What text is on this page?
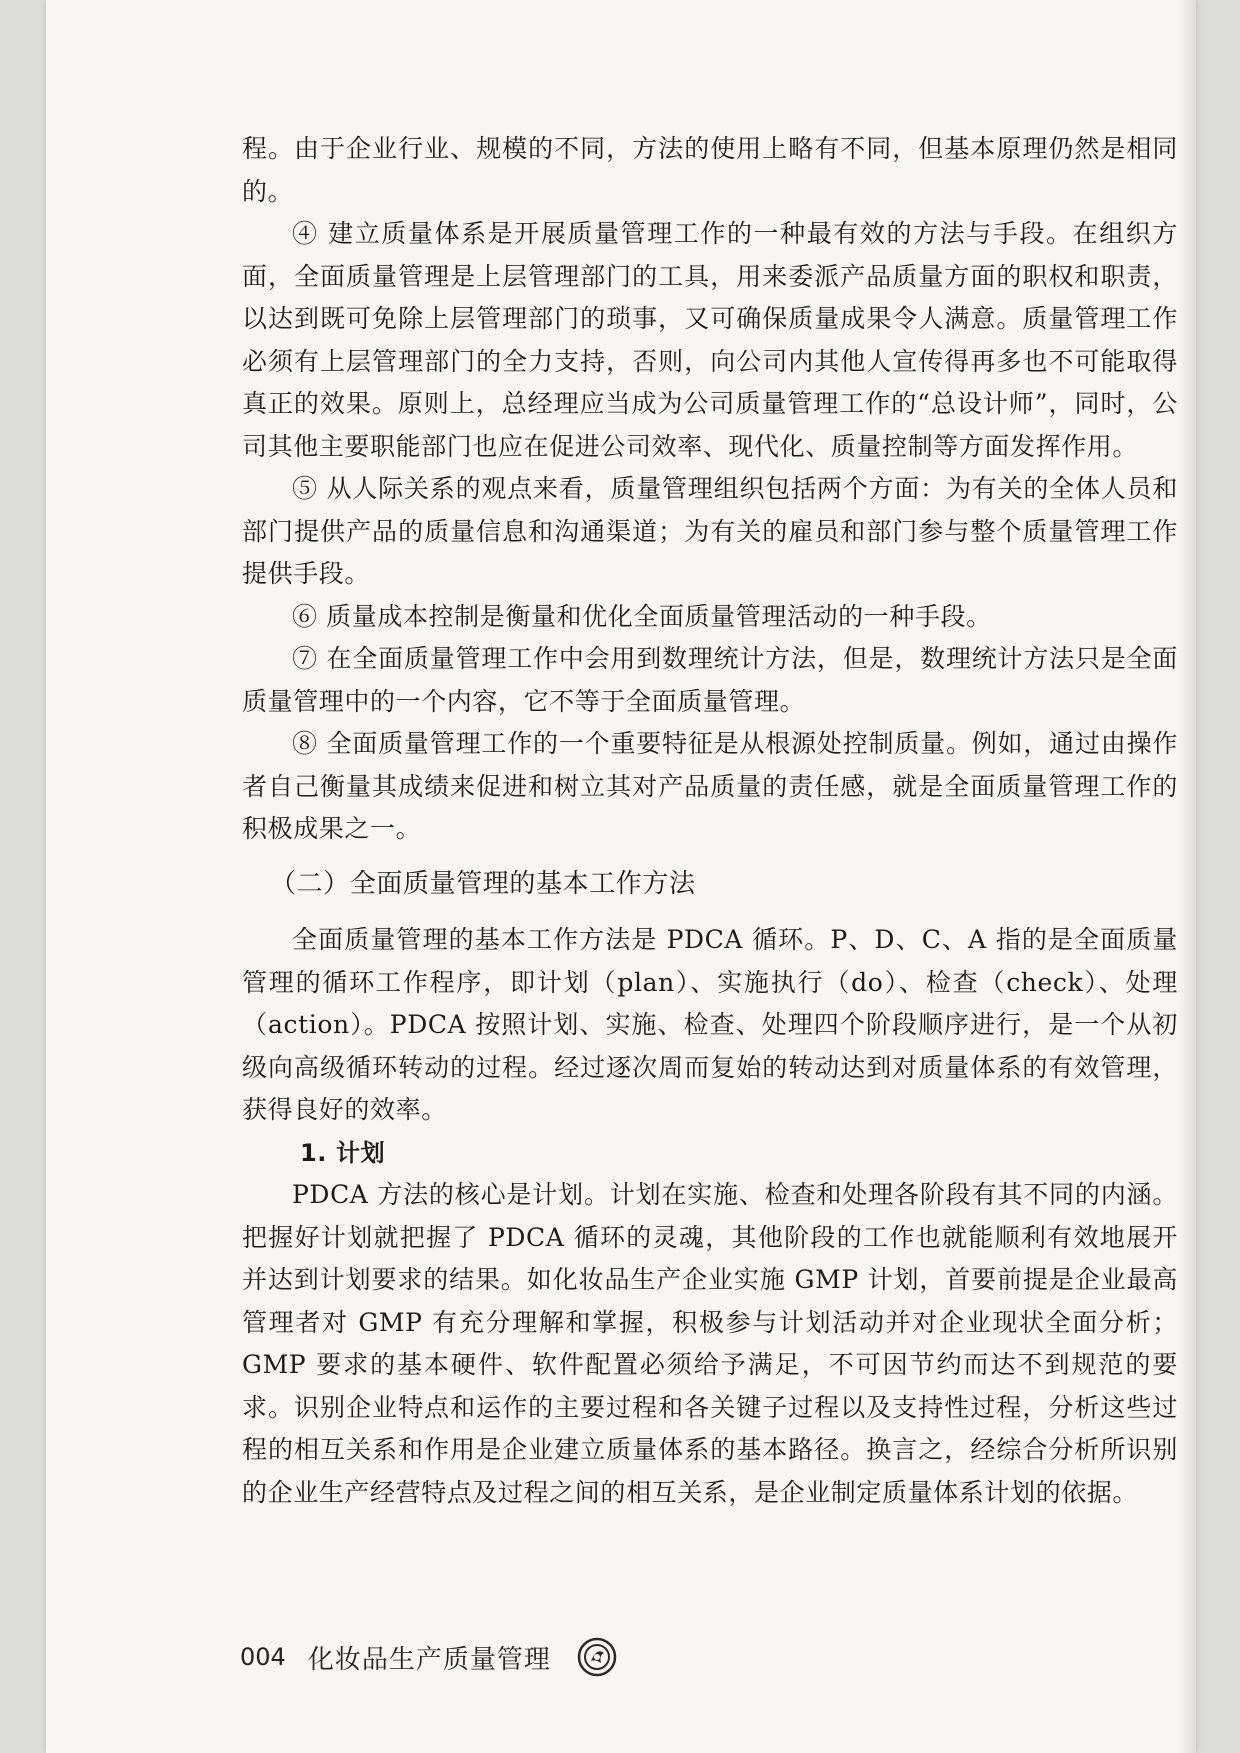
程。由于企业行业、规模的不同，方法的使用上略有不同，但基本原理仍然是相同的。

④ 建立质量体系是开展质量管理工作的一种最有效的方法与手段。在组织方面，全面质量管理是上层管理部门的工具，用来委派产品质量方面的职权和职责，以达到既可免除上层管理部门的琐事，又可确保质量成果令人满意。质量管理工作必须有上层管理部门的全力支持，否则，向公司内其他人宣传得再多也不可能取得真正的效果。原则上，总经理应当成为公司质量管理工作的“总设计师”，同时，公司其他主要职能部门也应在促进公司效率、现代化、质量控制等方面发挥作用。

⑤ 从人际关系的观点来看，质量管理组织包括两个方面：为有关的全体人员和部门提供产品的质量信息和沟通渠道；为有关的雇员和部门参与整个质量管理工作提供手段。

⑥ 质量成本控制是衡量和优化全面质量管理活动的一种手段。

⑦ 在全面质量管理工作中会用到数理统计方法，但是，数理统计方法只是全面质量管理中的一个内容，它不等于全面质量管理。

⑧ 全面质量管理工作的一个重要特征是从根源处控制质量。例如，通过由操作者自己衡量其成绩来促进和树立其对产品质量的责任感，就是全面质量管理工作的积极成果之一。

（二）全面质量管理的基本工作方法

全面质量管理的基本工作方法是 PDCA 循环。P、D、C、A 指的是全面质量管理的循环工作程序，即计划（plan）、实施执行（do）、检查（check）、处理（action）。PDCA 按照计划、实施、检查、处理四个阶段顺序进行，是一个从初级向高级循环转动的过程。经过逐次周而复始的转动达到对质量体系的有效管理，获得良好的效率。

1. 计划

PDCA 方法的核心是计划。计划在实施、检查和处理各阶段有其不同的内涵。把握好计划就把握了 PDCA 循环的灵魂，其他阶段的工作也就能顺利有效地展开并达到计划要求的结果。如化妆品生产企业实施 GMP 计划，首要前提是企业最高管理者对 GMP 有充分理解和掌握，积极参与计划活动并对企业现状全面分析；GMP 要求的基本硬件、软件配置必须给予满足，不可因节约而达不到规范的要求。识别企业特点和运作的主要过程和各关键子过程以及支持性过程，分析这些过程的相互关系和作用是企业建立质量体系的基本路径。换言之，经综合分析所识别的企业生产经营特点及过程之间的相互关系，是企业制定质量体系计划的依据。

004 化妆品生产质量管理
